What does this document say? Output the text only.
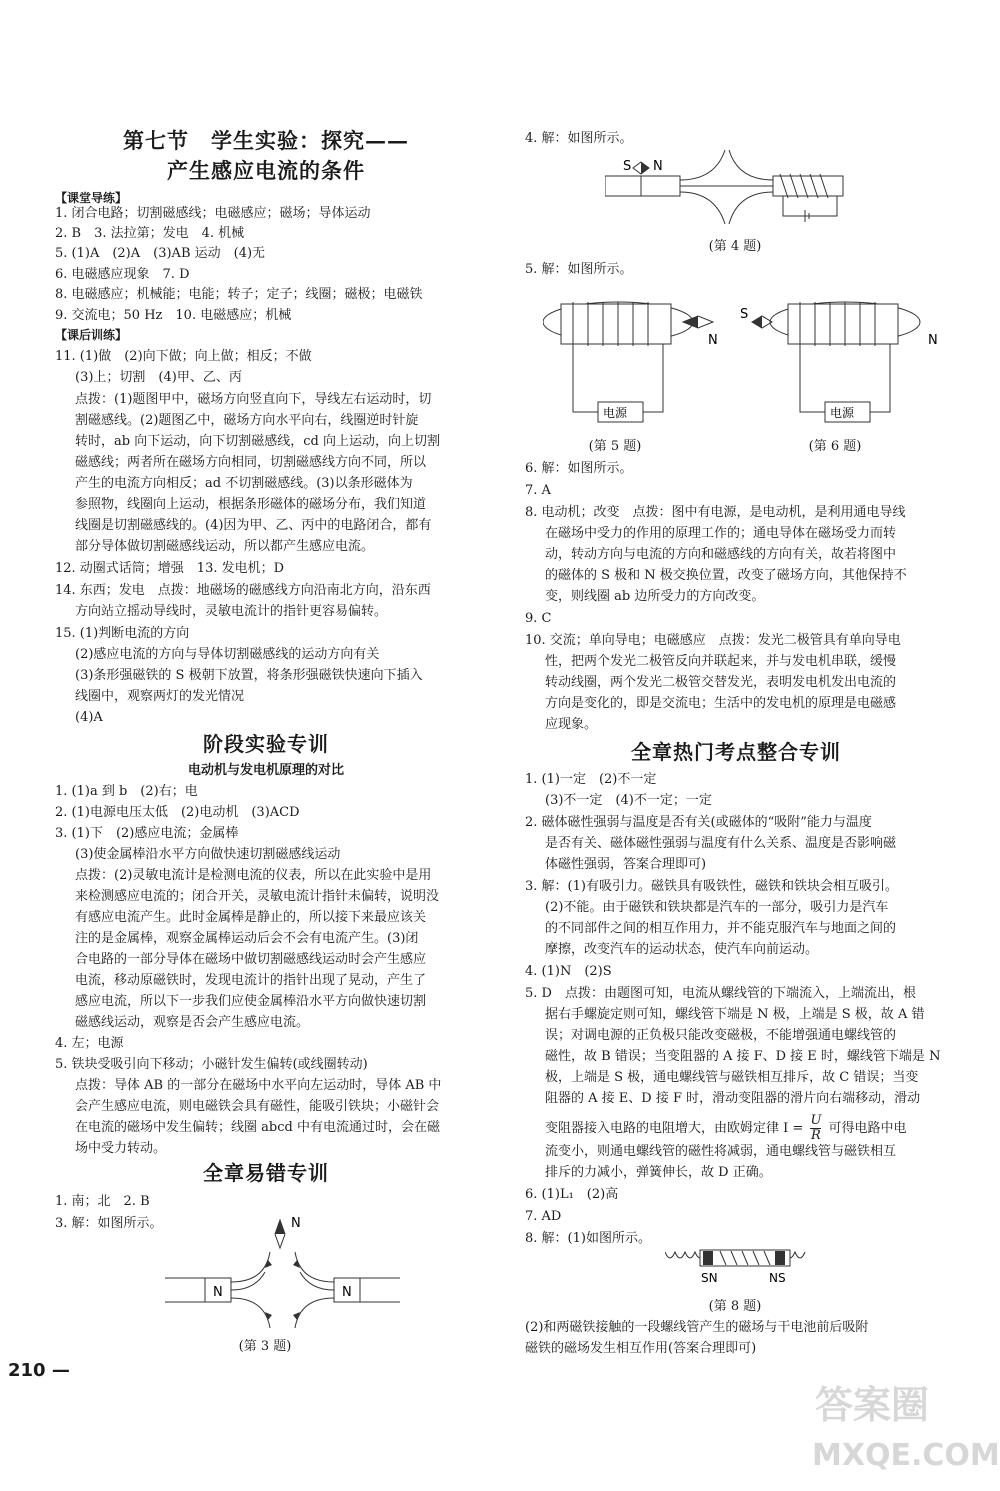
第七节　学生实验：探究——
产生感应电流的条件
【课堂导练】
1. 闭合电路；切割磁感线；电磁感应；磁场；导体运动
2. B　3. 法拉第；发电　4. 机械
5. (1)A　(2)A　(3)AB 运动　(4)无
6. 电磁感应现象　7. D
8. 电磁感应；机械能；电能；转子；定子；线圈；磁极；电磁铁
9. 交流电；50 Hz　10. 电磁感应；机械
【课后训练】
11. (1)做　(2)向下做；向上做；相反；不做
(3)上；切割　(4)甲、乙、丙
点拨：(1)题图甲中，磁场方向竖直向下，导线左右运动时，切
割磁感线。(2)题图乙中，磁场方向水平向右，线圈逆时针旋
转时，ab 向下运动，向下切割磁感线，cd 向上运动，向上切割
磁感线；两者所在磁场方向相同，切割磁感线方向不同，所以
产生的电流方向相反；ad 不切割磁感线。(3)以条形磁体为
参照物，线圈向上运动，根据条形磁体的磁场分布，我们知道
线圈是切割磁感线的。(4)因为甲、乙、丙中的电路闭合，都有
部分导体做切割磁感线运动，所以都产生感应电流。
12. 动圈式话筒；增强　13. 发电机；D
14. 东西；发电　点拨：地磁场的磁感线方向沿南北方向，沿东西
方向站立摇动导线时，灵敏电流计的指针更容易偏转。
15. (1)判断电流的方向
(2)感应电流的方向与导体切割磁感线的运动方向有关
(3)条形强磁铁的 S 极朝下放置，将条形强磁铁快速向下插入
线圈中，观察两灯的发光情况
(4)A
阶段实验专训
电动机与发电机原理的对比
1. (1)a 到 b　(2)右；电
2. (1)电源电压太低　(2)电动机　(3)ACD
3. (1)下　(2)感应电流；金属棒
(3)使金属棒沿水平方向做快速切割磁感线运动
点拨：(2)灵敏电流计是检测电流的仪表，所以在此实验中是用
来检测感应电流的；闭合开关，灵敏电流计指针未偏转，说明没
有感应电流产生。此时金属棒是静止的，所以接下来最应该关
注的是金属棒，观察金属棒运动后会不会有电流产生。(3)闭
合电路的一部分导体在磁场中做切割磁感线运动时会产生感应
电流，移动原磁铁时，发现电流计的指针出现了晃动，产生了
感应电流，所以下一步我们应使金属棒沿水平方向做快速切割
磁感线运动，观察是否会产生感应电流。
4. 左；电源
5. 铁块受吸引向下移动；小磁针发生偏转(或线圈转动)
点拨：导体 AB 的一部分在磁场中水平向左运动时，导体 AB 中
会产生感应电流，则电磁铁会具有磁性，能吸引铁块；小磁针会
在电流的磁场中发生偏转；线圈 abcd 中有电流通过时，会在磁
场中受力转动。
全章易错专训
1. 南；北　2. B
3. 解：如图所示。
N	N
N
(第 3 题)
210 —
4. 解：如图所示。
S N
(第 4 题)
5. 解：如图所示。
电源
N
S
N
电源
(第 5 题)	(第 6 题)
6. 解：如图所示。
7. A
8. 电动机；改变　点拨：图中有电源，是电动机，是利用通电导线
在磁场中受力的作用的原理工作的；通电导体在磁场受力而转
动，转动方向与电流的方向和磁感线的方向有关，故若将图中
的磁体的 S 极和 N 极交换位置，改变了磁场方向，其他保持不
变，则线圈 ab 边所受力的方向改变。
9. C
10. 交流；单向导电；电磁感应　点拨：发光二极管具有单向导电
性，把两个发光二极管反向并联起来，并与发电机串联，缓慢
转动线圈，两个发光二极管交替发光，表明发电机发出电流的
方向是变化的，即是交流电；生活中的发电机的原理是电磁感
应现象。
全章热门考点整合专训
1. (1)一定　(2)不一定
(3)不一定　(4)不一定；一定
2. 磁体磁性强弱与温度是否有关(或磁体的“吸附”能力与温度
是否有关、磁体磁性强弱与温度有什么关系、温度是否影响磁
体磁性强弱，答案合理即可)
3. 解：(1)有吸引力。磁铁具有吸铁性，磁铁和铁块会相互吸引。
(2)不能。由于磁铁和铁块都是汽车的一部分，吸引力是汽车
的不同部件之间的相互作用力，并不能克服汽车与地面之间的
摩擦，改变汽车的运动状态，使汽车向前运动。
4. (1)N　(2)S
5. D　点拨：由题图可知，电流从螺线管的下端流入，上端流出，根
据右手螺旋定则可知，螺线管下端是 N 极，上端是 S 极，故 A 错
误；对调电源的正负极只能改变磁极，不能增强通电螺线管的
磁性，故 B 错误；当变阻器的 A 接 F、D 接 E 时，螺线管下端是 N
极，上端是 S 极，通电螺线管与磁铁相互排斥，故 C 错误；当变
阻器的 A 接 E、D 接 F 时，滑动变阻器的滑片向右端移动，滑动
变阻器接入电路的电阻增大，由欧姆定律 $I = \frac{U}{R}$ 可得电路中电
流变小，则通电螺线管的磁性将减弱，通电螺线管与磁铁相互
排斥的力减小，弹簧伸长，故 D 正确。
6. (1)L₁　(2)高
7. AD
8. 解：(1)如图所示。
SN	NS
(第 8 题)
(2)和两磁铁接触的一段螺线管产生的磁场与干电池前后吸附
磁铁的磁场发生相互作用(答案合理即可)
答案圈
MXQE.COM
